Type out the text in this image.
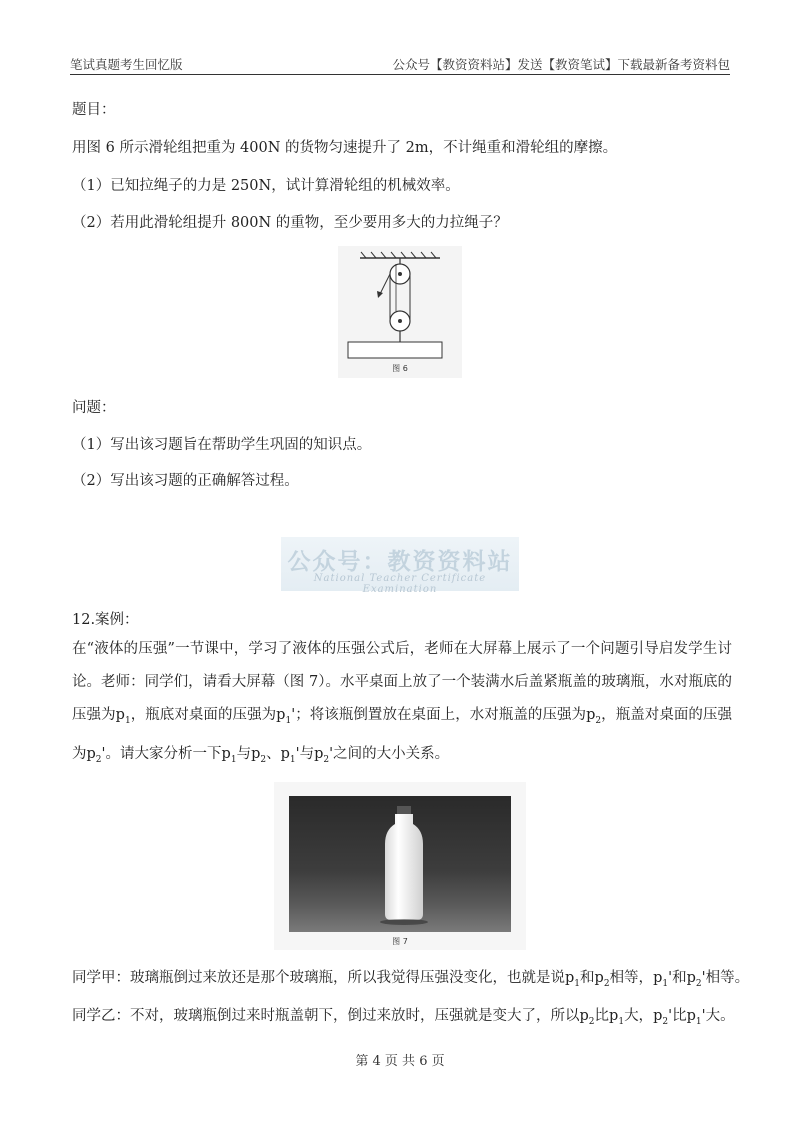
笔试真题考生回忆版	公众号【教资资料站】发送【教资笔试】下载最新备考资料包
题目：
用图 6 所示滑轮组把重为 400N 的货物匀速提升了 2m，不计绳重和滑轮组的摩擦。
（1）已知拉绳子的力是 250N，试计算滑轮组的机械效率。
（2）若用此滑轮组提升 800N 的重物，至少要用多大的力拉绳子？
图 6
问题：
（1）写出该习题旨在帮助学生巩固的知识点。
（2）写出该习题的正确解答过程。
公众号：教资资料站
National Teacher Certificate Examination
12.案例：

在“液体的压强”一节课中，学习了液体的压强公式后，老师在大屏幕上展示了一个问题引导启发学生讨论。老师：同学们，请看大屏幕（图 7）。水平桌面上放了一个装满水后盖紧瓶盖的玻璃瓶，水对瓶底的压强为$p_1$，瓶底对桌面的压强为$p_1'$；将该瓶倒置放在桌面上，水对瓶盖的压强为$p_2$，瓶盖对桌面的压强为$p_2'$。请大家分析一下$p_1$与$p_2$、$p_1'$与$p_2'$之间的大小关系。

图 7
同学甲：玻璃瓶倒过来放还是那个玻璃瓶，所以我觉得压强没变化，也就是说$p_1$和$p_2$相等，$p_1'$和$p_2'$相等。
同学乙：不对，玻璃瓶倒过来时瓶盖朝下，倒过来放时，压强就是变大了，所以$p_2$比$p_1$大，$p_2'$比$p_1'$大。
第 4 页 共 6 页
